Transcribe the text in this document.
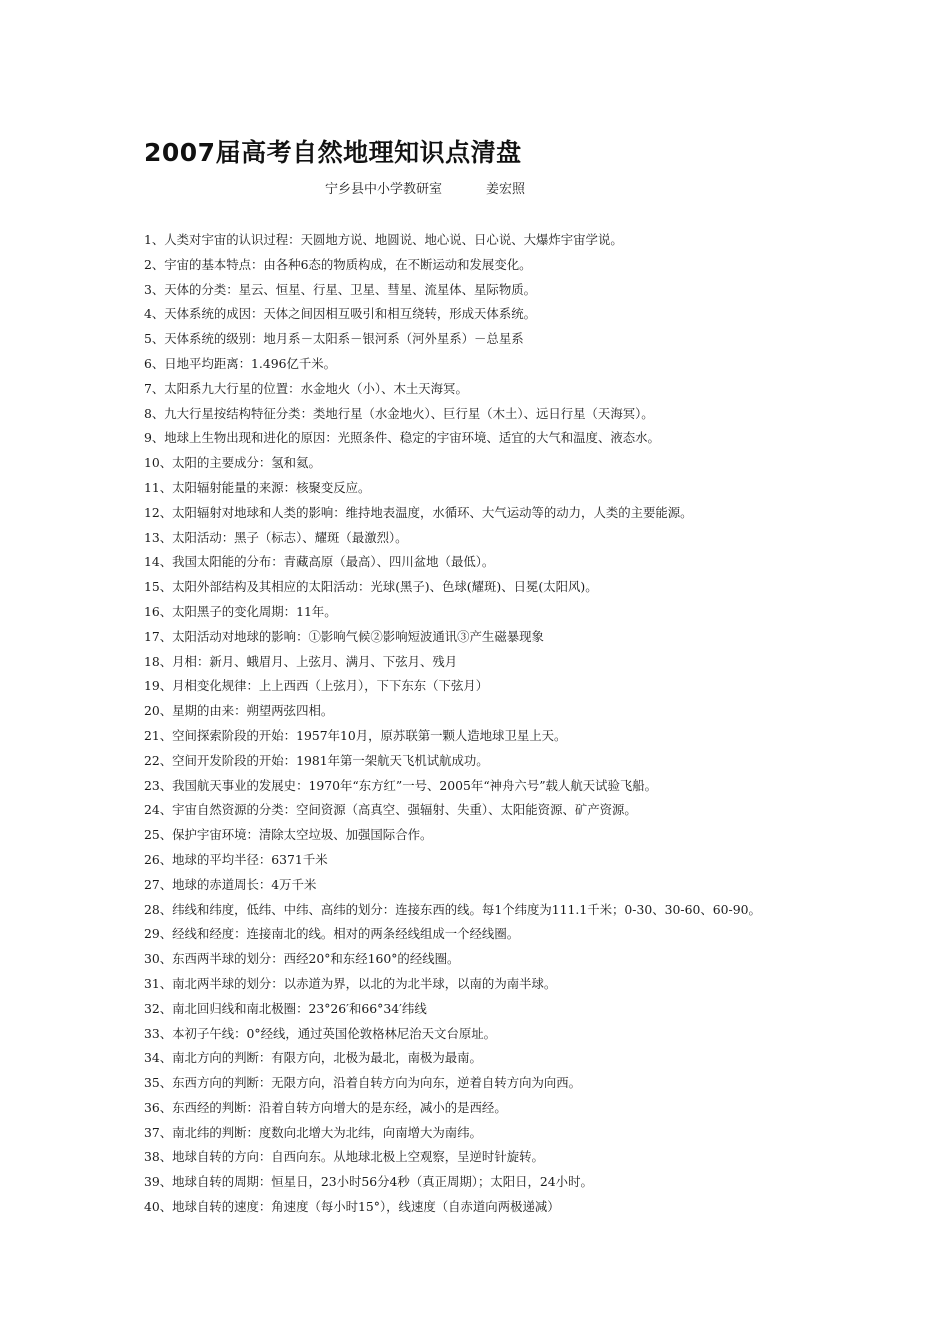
2007届高考自然地理知识点清盘
宁乡县中小学教研室	姜宏照
1、人类对宇宙的认识过程：天圆地方说、地圆说、地心说、日心说、大爆炸宇宙学说。
2、宇宙的基本特点：由各种6态的物质构成，在不断运动和发展变化。
3、天体的分类：星云、恒星、行星、卫星、彗星、流星体、星际物质。
4、天体系统的成因：天体之间因相互吸引和相互绕转，形成天体系统。
5、天体系统的级别：地月系－太阳系－银河系（河外星系）－总星系
6、日地平均距离：1.496亿千米。
7、太阳系九大行星的位置：水金地火（小）、木土天海冥。
8、九大行星按结构特征分类：类地行星（水金地火）、巨行星（木土）、远日行星（天海冥）。
9、地球上生物出现和进化的原因：光照条件、稳定的宇宙环境、适宜的大气和温度、液态水。
10、太阳的主要成分：氢和氦。
11、太阳辐射能量的来源：核聚变反应。
12、太阳辐射对地球和人类的影响：维持地表温度，水循环、大气运动等的动力，人类的主要能源。
13、太阳活动：黑子（标志）、耀斑（最激烈）。
14、我国太阳能的分布：青藏高原（最高）、四川盆地（最低）。
15、太阳外部结构及其相应的太阳活动：光球(黑子)、色球(耀斑)、日冕(太阳风)。
16、太阳黑子的变化周期：11年。
17、太阳活动对地球的影响：①影响气候②影响短波通讯③产生磁暴现象
18、月相：新月、蛾眉月、上弦月、满月、下弦月、残月
19、月相变化规律：上上西西（上弦月），下下东东（下弦月）
20、星期的由来：朔望两弦四相。
21、空间探索阶段的开始：1957年10月，原苏联第一颗人造地球卫星上天。
22、空间开发阶段的开始：1981年第一架航天飞机试航成功。
23、我国航天事业的发展史：1970年“东方红”一号、2005年“神舟六号”载人航天试验飞船。
24、宇宙自然资源的分类：空间资源（高真空、强辐射、失重）、太阳能资源、矿产资源。
25、保护宇宙环境：清除太空垃圾、加强国际合作。
26、地球的平均半径：6371千米
27、地球的赤道周长：4万千米
28、纬线和纬度，低纬、中纬、高纬的划分：连接东西的线。每1个纬度为111.1千米；0-30、30-60、60-90。
29、经线和经度：连接南北的线。相对的两条经线组成一个经线圈。
30、东西两半球的划分：西经20°和东经160°的经线圈。
31、南北两半球的划分：以赤道为界，以北的为北半球，以南的为南半球。
32、南北回归线和南北极圈：23°26′和66°34′纬线
33、本初子午线：0°经线，通过英国伦敦格林尼治天文台原址。
34、南北方向的判断：有限方向，北极为最北，南极为最南。
35、东西方向的判断：无限方向，沿着自转方向为向东，逆着自转方向为向西。
36、东西经的判断：沿着自转方向增大的是东经，减小的是西经。
37、南北纬的判断：度数向北增大为北纬，向南增大为南纬。
38、地球自转的方向：自西向东。从地球北极上空观察，呈逆时针旋转。
39、地球自转的周期：恒星日，23小时56分4秒（真正周期）；太阳日，24小时。
40、地球自转的速度：角速度（每小时15°），线速度（自赤道向两极递减）
